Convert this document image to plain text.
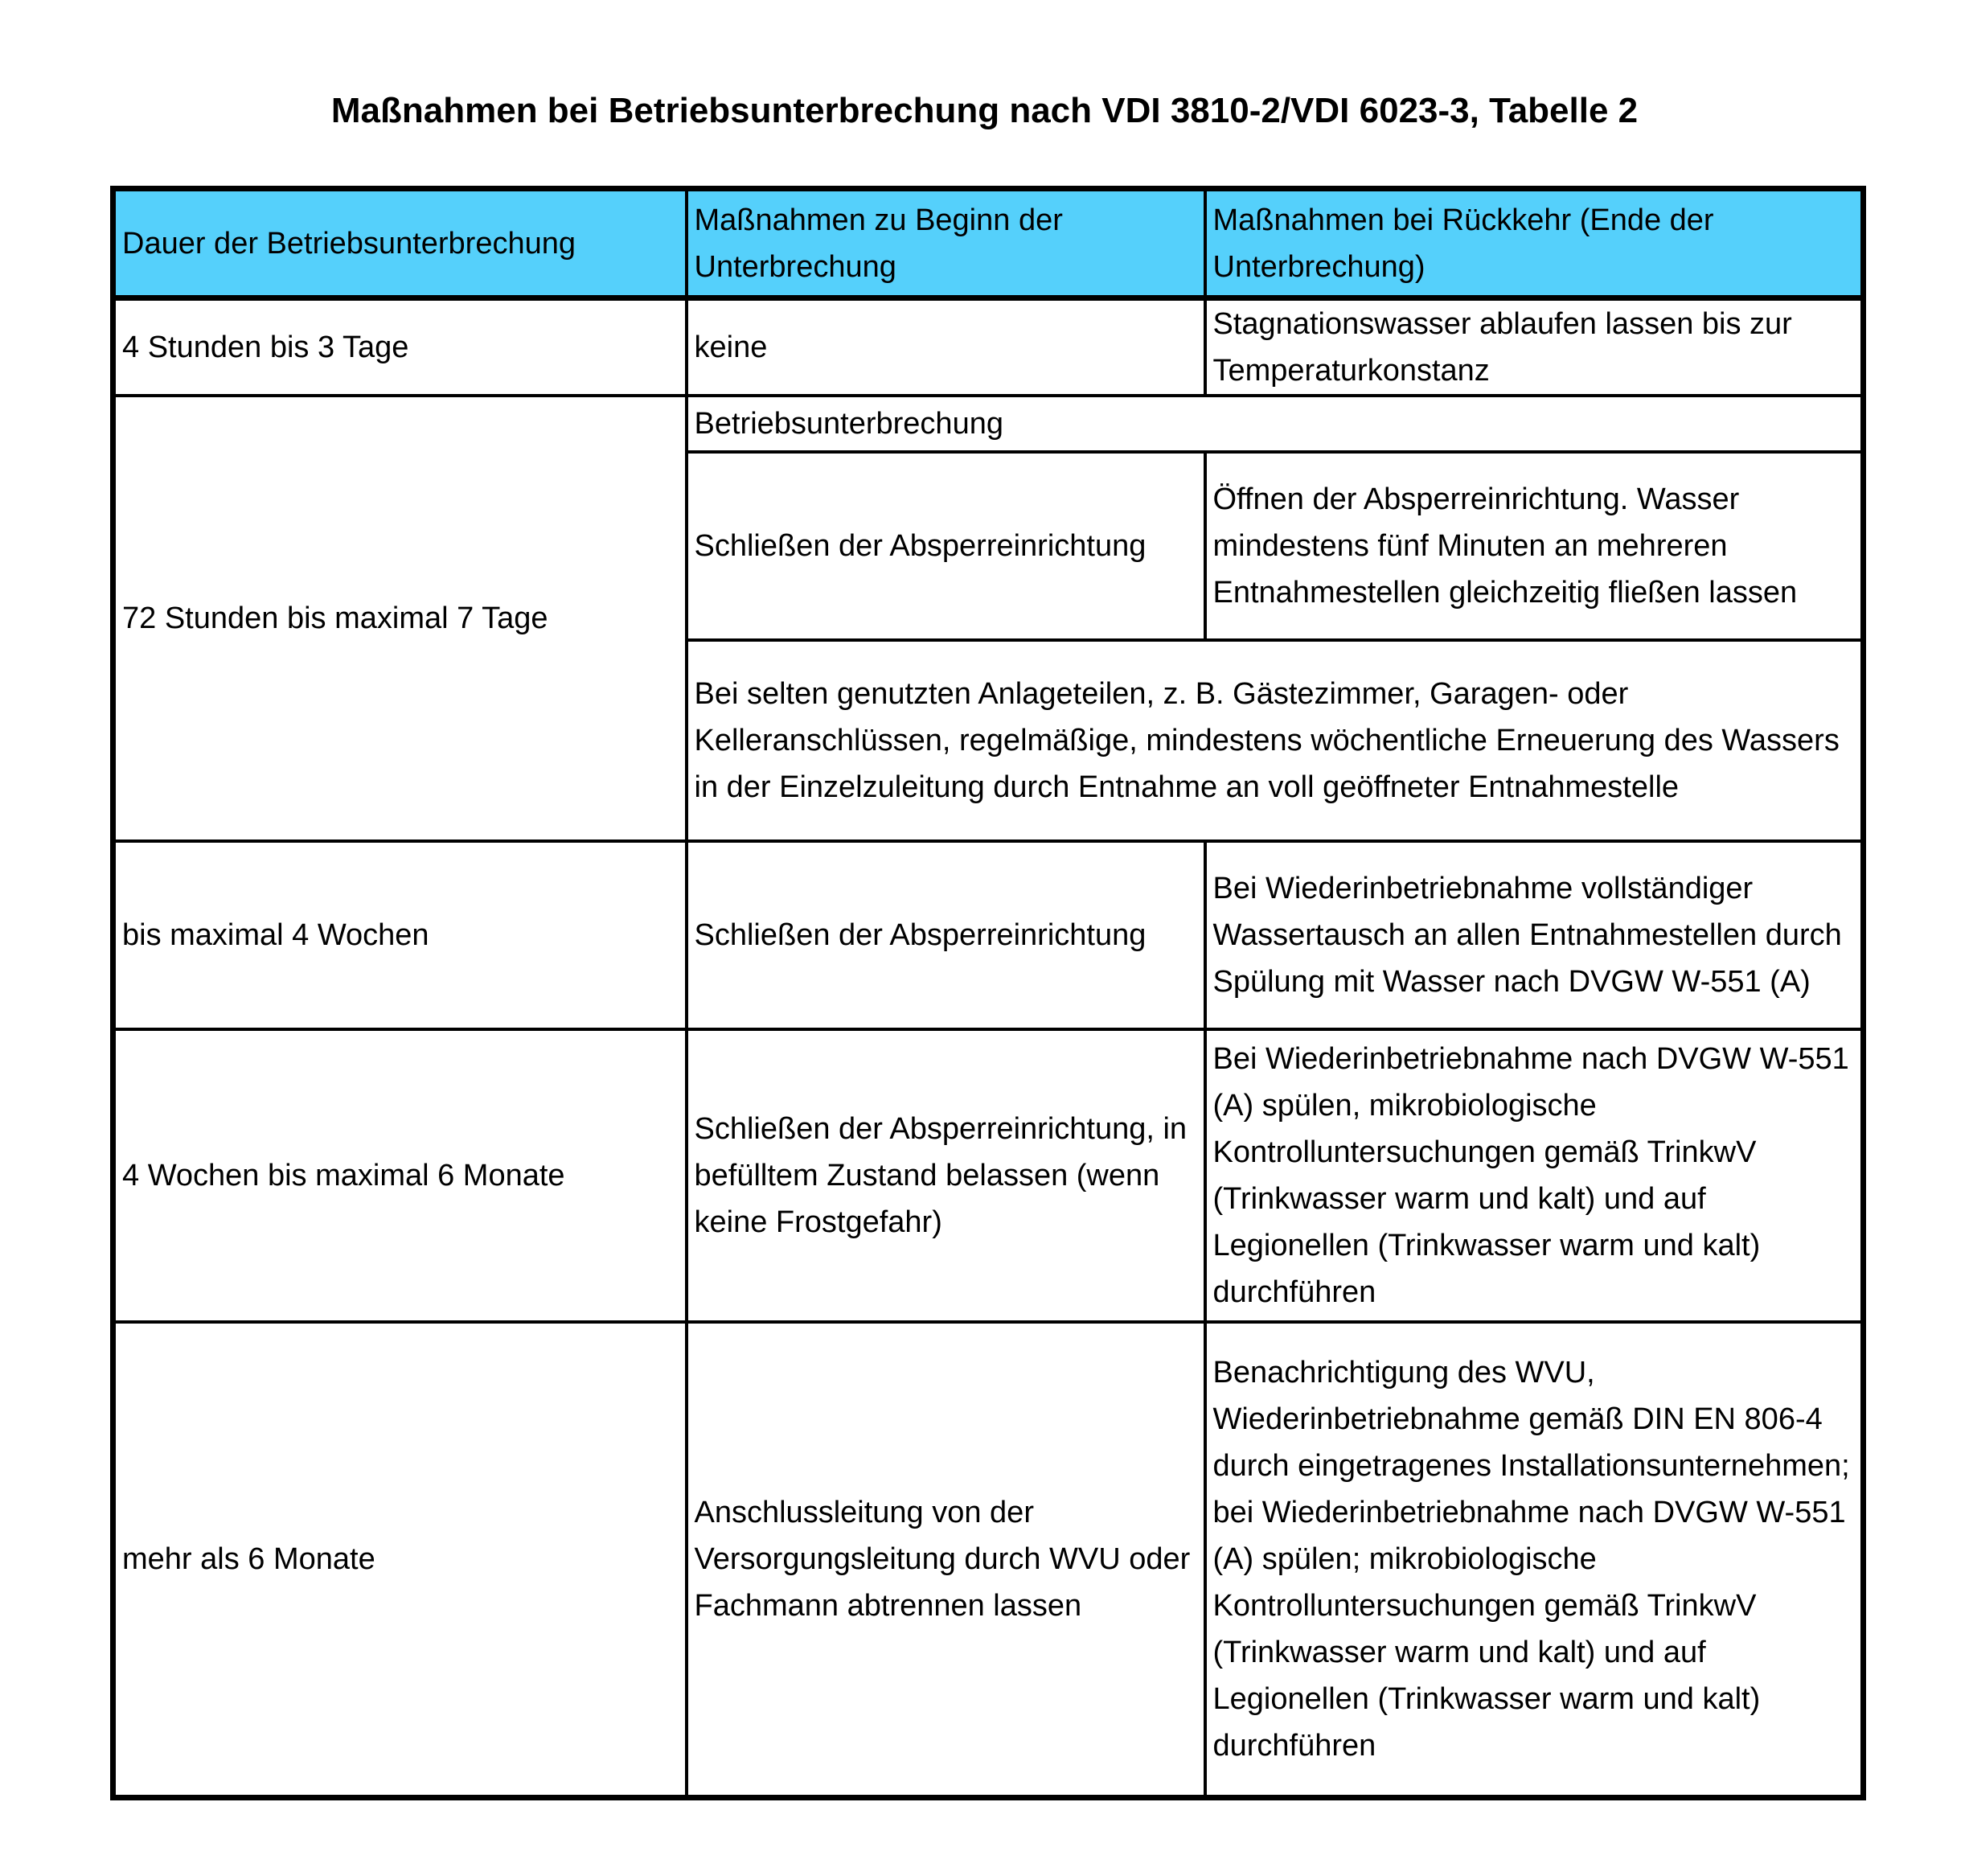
Maßnahmen bei Betriebsunterbrechung nach VDI 3810-2/VDI 6023-3, Tabelle 2
Dauer der Betriebsunterbrechung	Maßnahmen zu Beginn der Unterbrechung	Maßnahmen bei Rückkehr (Ende der Unterbrechung)
4 Stunden bis 3 Tage	keine	Stagnationswasser ablaufen lassen bis zur Temperaturkonstanz
72 Stunden bis maximal 7 Tage	Betriebsunterbrechung	
	Schließen der Absperreinrichtung	Öffnen der Absperreinrichtung. Wasser mindestens fünf Minuten an mehreren Entnahmestellen gleichzeitig fließen lassen
	Bei selten genutzten Anlageteilen, z. B. Gästezimmer, Garagen- oder Kelleranschlüssen, regelmäßige, mindestens wöchentliche Erneuerung des Wassers in der Einzelzuleitung durch Entnahme an voll geöffneter Entnahmestelle	
bis maximal 4 Wochen	Schließen der Absperreinrichtung	Bei Wiederinbetriebnahme vollständiger Wassertausch an allen Entnahmestellen durch Spülung mit Wasser nach DVGW W-551 (A)
4 Wochen bis maximal 6 Monate	Schließen der Absperreinrichtung, in befülltem Zustand belassen (wenn keine Frostgefahr)	Bei Wiederinbetriebnahme nach DVGW W-551 (A) spülen, mikrobiologische Kontrolluntersuchungen gemäß TrinkwV (Trinkwasser warm und kalt) und auf Legionellen (Trinkwasser warm und kalt) durchführen
mehr als 6 Monate	Anschlussleitung von der Versorgungsleitung durch WVU oder Fachmann abtrennen lassen	Benachrichtigung des WVU, Wiederinbetriebnahme gemäß DIN EN 806-4 durch eingetragenes Installationsunternehmen; bei Wiederinbetriebnahme nach DVGW W-551 (A) spülen; mikrobiologische Kontrolluntersuchungen gemäß TrinkwV (Trinkwasser warm und kalt) und auf Legionellen (Trinkwasser warm und kalt) durchführen
